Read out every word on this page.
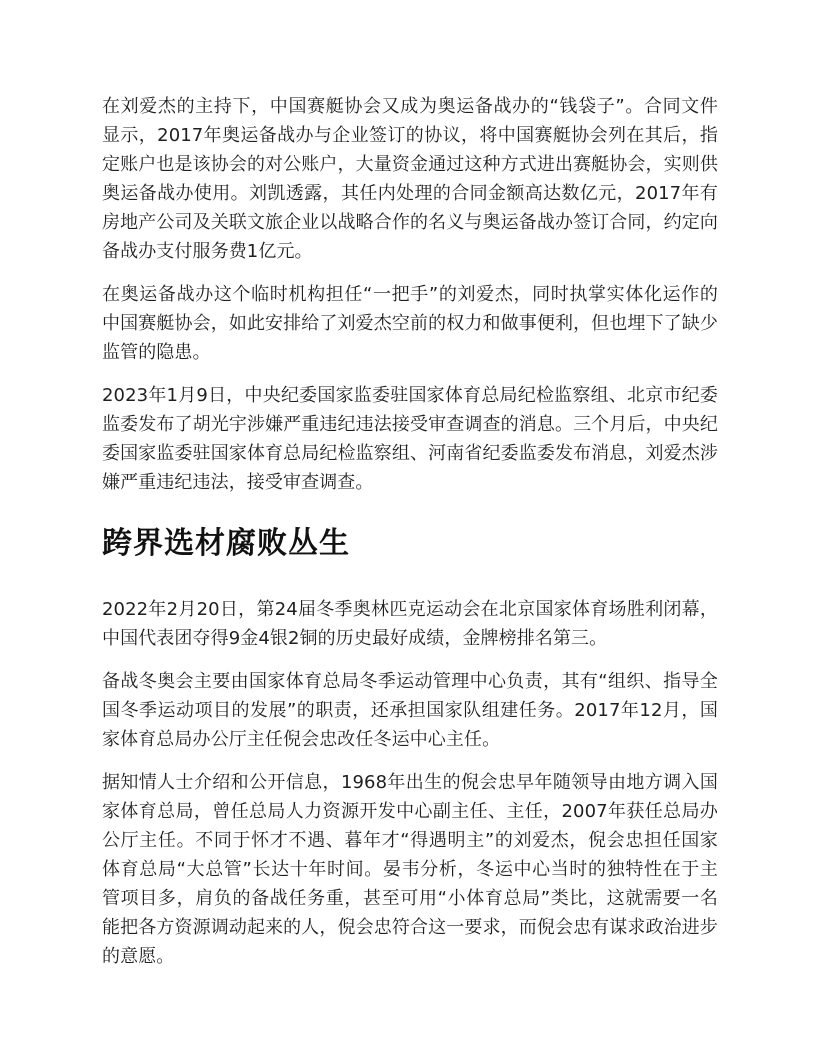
在刘爱杰的主持下，中国赛艇协会又成为奥运备战办的“钱袋子”。合同文件显示，2017年奥运备战办与企业签订的协议，将中国赛艇协会列在其后，指定账户也是该协会的对公账户，大量资金通过这种方式进出赛艇协会，实则供奥运备战办使用。刘凯透露，其任内处理的合同金额高达数亿元，2017年有房地产公司及关联文旅企业以战略合作的名义与奥运备战办签订合同，约定向备战办支付服务费1亿元。

在奥运备战办这个临时机构担任“一把手”的刘爱杰，同时执掌实体化运作的中国赛艇协会，如此安排给了刘爱杰空前的权力和做事便利，但也埋下了缺少监管的隐患。

2023年1月9日，中央纪委国家监委驻国家体育总局纪检监察组、北京市纪委监委发布了胡光宇涉嫌严重违纪违法接受审查调查的消息。三个月后，中央纪委国家监委驻国家体育总局纪检监察组、河南省纪委监委发布消息，刘爱杰涉嫌严重违纪违法，接受审查调查。

跨界选材腐败丛生

2022年2月20日，第24届冬季奥林匹克运动会在北京国家体育场胜利闭幕，中国代表团夺得9金4银2铜的历史最好成绩，金牌榜排名第三。

备战冬奥会主要由国家体育总局冬季运动管理中心负责，其有“组织、指导全国冬季运动项目的发展”的职责，还承担国家队组建任务。2017年12月，国家体育总局办公厅主任倪会忠改任冬运中心主任。

据知情人士介绍和公开信息，1968年出生的倪会忠早年随领导由地方调入国家体育总局，曾任总局人力资源开发中心副主任、主任，2007年获任总局办公厅主任。不同于怀才不遇、暮年才“得遇明主”的刘爱杰，倪会忠担任国家体育总局“大总管”长达十年时间。晏韦分析，冬运中心当时的独特性在于主管项目多，肩负的备战任务重，甚至可用“小体育总局”类比，这就需要一名能把各方资源调动起来的人，倪会忠符合这一要求，而倪会忠有谋求政治进步的意愿。
